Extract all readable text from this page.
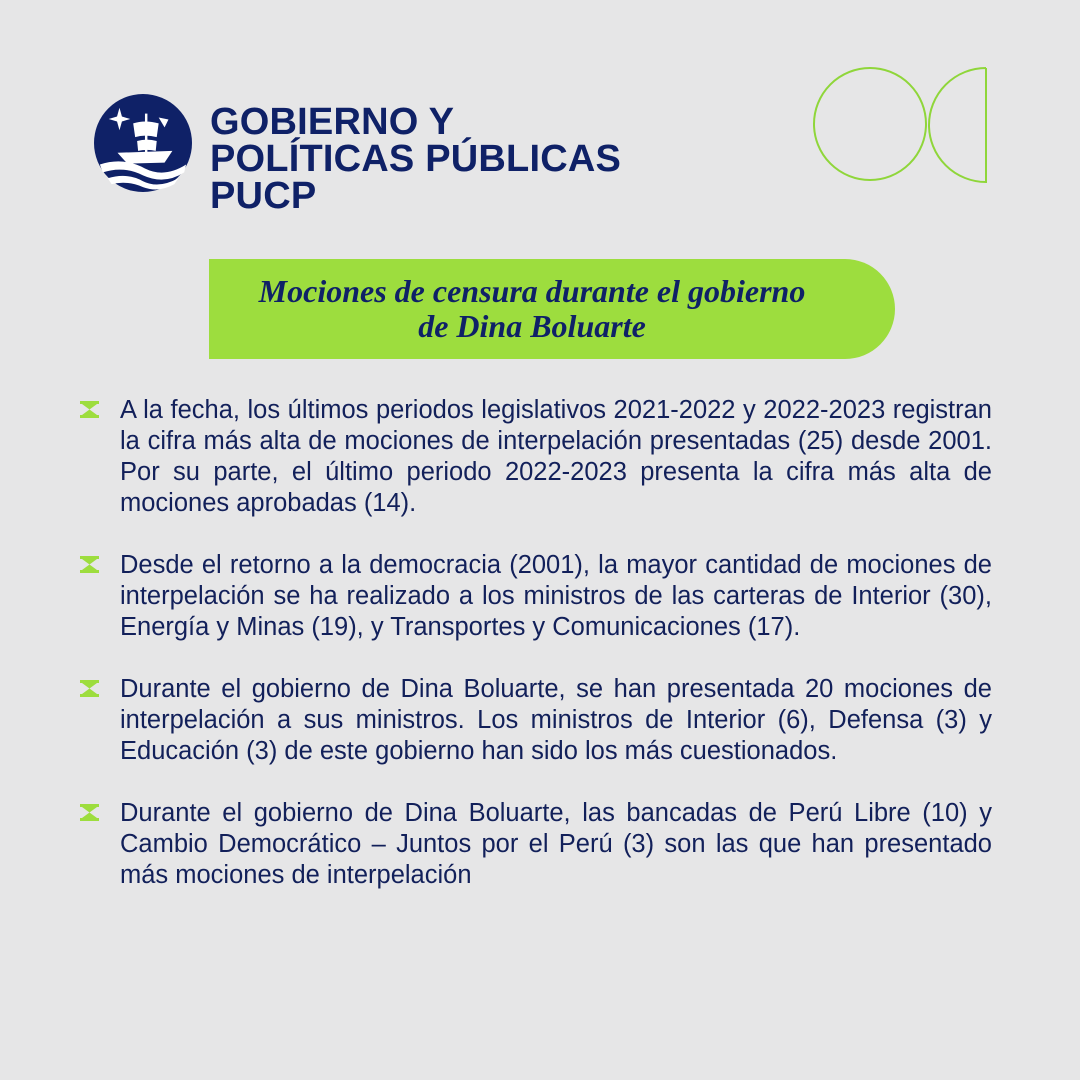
GOBIERNO Y
POLÍTICAS PÚBLICAS
PUCP
Mociones de censura durante el gobierno
de Dina Boluarte
A la fecha, los últimos periodos legislativos 2021-2022 y 2022-2023 registran la cifra más alta de mociones de interpelación presentadas (25) desde 2001. Por su parte, el último periodo 2022-2023 presenta la cifra más alta de mociones aprobadas (14).
Desde el retorno a la democracia (2001), la mayor cantidad de mociones de interpelación se ha realizado a los ministros de las carteras de Interior (30), Energía y Minas (19), y Transportes y Comunicaciones (17).
Durante el gobierno de Dina Boluarte, se han presentada 20 mociones de interpelación a sus ministros. Los ministros de Interior (6), Defensa (3) y Educación (3) de este gobierno han sido los más cuestionados.
Durante el gobierno de Dina Boluarte, las bancadas de Perú Libre (10) y Cambio Democrático – Juntos por el Perú (3) son las que han presentado más mociones de interpelación
